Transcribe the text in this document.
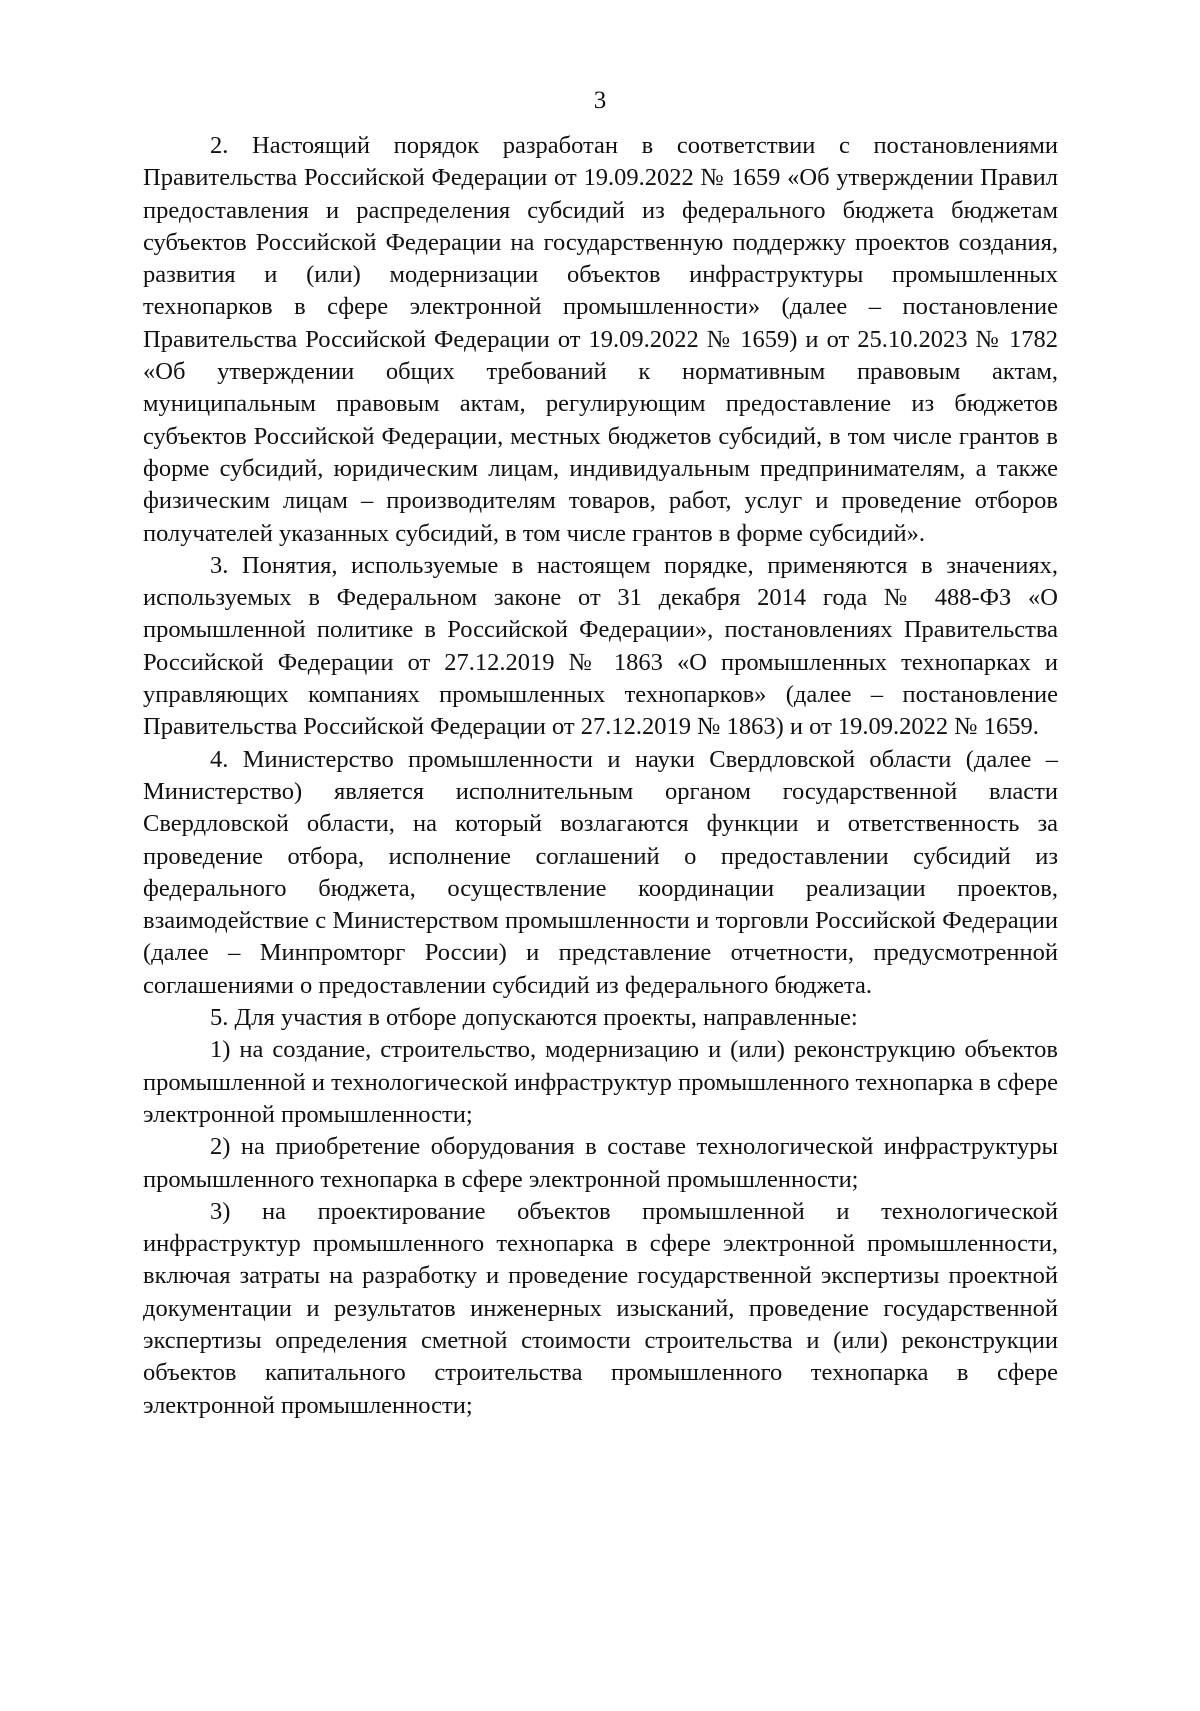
3

2. Настоящий порядок разработан в соответствии с постановлениями Правительства Российской Федерации от 19.09.2022 № 1659 «Об утверждении Правил предоставления и распределения субсидий из федерального бюджета бюджетам субъектов Российской Федерации на государственную поддержку проектов создания, развития и (или) модернизации объектов инфраструктуры промышленных технопарков в сфере электронной промышленности» (далее – постановление Правительства Российской Федерации от 19.09.2022 № 1659) и от 25.10.2023 № 1782 «Об утверждении общих требований к нормативным правовым актам, муниципальным правовым актам, регулирующим предоставление из бюджетов субъектов Российской Федерации, местных бюджетов субсидий, в том числе грантов в форме субсидий, юридическим лицам, индивидуальным предпринимателям, а также физическим лицам – производителям товаров, работ, услуг и проведение отборов получателей указанных субсидий, в том числе грантов в форме субсидий».

3. Понятия, используемые в настоящем порядке, применяются в значениях, используемых в Федеральном законе от 31 декабря 2014 года № 488-ФЗ «О промышленной политике в Российской Федерации», постановлениях Правительства Российской Федерации от 27.12.2019 № 1863 «О промышленных технопарках и управляющих компаниях промышленных технопарков» (далее – постановление Правительства Российской Федерации от 27.12.2019 № 1863) и от 19.09.2022 № 1659.

4. Министерство промышленности и науки Свердловской области (далее – Министерство) является исполнительным органом государственной власти Свердловской области, на который возлагаются функции и ответственность за проведение отбора, исполнение соглашений о предоставлении субсидий из федерального бюджета, осуществление координации реализации проектов, взаимодействие с Министерством промышленности и торговли Российской Федерации (далее – Минпромторг России) и представление отчетности, предусмотренной соглашениями о предоставлении субсидий из федерального бюджета.

5. Для участия в отборе допускаются проекты, направленные:

1) на создание, строительство, модернизацию и (или) реконструкцию объектов промышленной и технологической инфраструктур промышленного технопарка в сфере электронной промышленности;

2) на приобретение оборудования в составе технологической инфраструктуры промышленного технопарка в сфере электронной промышленности;

3) на проектирование объектов промышленной и технологической инфраструктур промышленного технопарка в сфере электронной промышленности, включая затраты на разработку и проведение государственной экспертизы проектной документации и результатов инженерных изысканий, проведение государственной экспертизы определения сметной стоимости строительства и (или) реконструкции объектов капитального строительства промышленного технопарка в сфере электронной промышленности;
